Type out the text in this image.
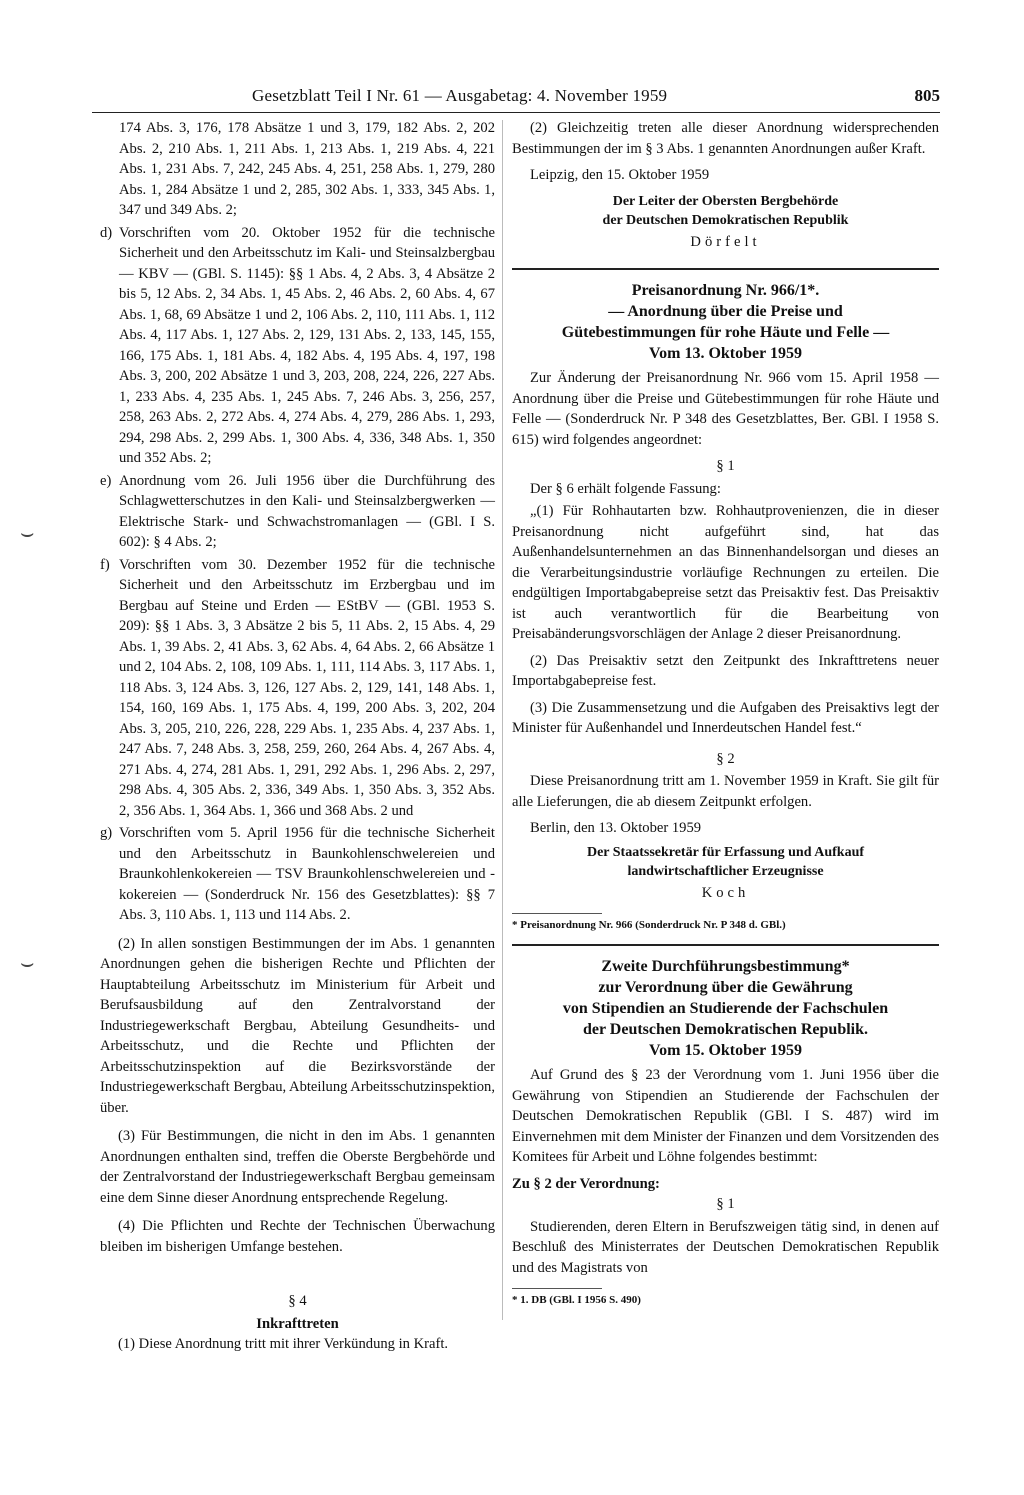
Gesetzblatt Teil I Nr. 61 — Ausgabetag: 4. November 1959	805
174 Abs. 3, 176, 178 Absätze 1 und 3, 179, 182 Abs. 2, 202 Abs. 2, 210 Abs. 1, 211 Abs. 1, 213 Abs. 1, 219 Abs. 4, 221 Abs. 1, 231 Abs. 7, 242, 245 Abs. 4, 251, 258 Abs. 1, 279, 280 Abs. 1, 284 Absätze 1 und 2, 285, 302 Abs. 1, 333, 345 Abs. 1, 347 und 349 Abs. 2;
d) Vorschriften vom 20. Oktober 1952 für die technische Sicherheit und den Arbeitsschutz im Kali- und Steinsalzbergbau — KBV — (GBl. S. 1145): §§ 1 Abs. 4, 2 Abs. 3, 4 Absätze 2 bis 5, 12 Abs. 2, 34 Abs. 1, 45 Abs. 2, 46 Abs. 2, 60 Abs. 4, 67 Abs. 1, 68, 69 Absätze 1 und 2, 106 Abs. 2, 110, 111 Abs. 1, 112 Abs. 4, 117 Abs. 1, 127 Abs. 2, 129, 131 Abs. 2, 133, 145, 155, 166, 175 Abs. 1, 181 Abs. 4, 182 Abs. 4, 195 Abs. 4, 197, 198 Abs. 3, 200, 202 Absätze 1 und 3, 203, 208, 224, 226, 227 Abs. 1, 233 Abs. 4, 235 Abs. 1, 245 Abs. 7, 246 Abs. 3, 256, 257, 258, 263 Abs. 2, 272 Abs. 4, 274 Abs. 4, 279, 286 Abs. 1, 293, 294, 298 Abs. 2, 299 Abs. 1, 300 Abs. 4, 336, 348 Abs. 1, 350 und 352 Abs. 2;
e) Anordnung vom 26. Juli 1956 über die Durchführung des Schlagwetterschutzes in den Kali- und Steinsalzbergwerken — Elektrische Stark- und Schwachstromanlagen — (GBl. I S. 602): § 4 Abs. 2;
f) Vorschriften vom 30. Dezember 1952 für die technische Sicherheit und den Arbeitsschutz im Erzbergbau und im Bergbau auf Steine und Erden — EStBV — (GBl. 1953 S. 209): §§ 1 Abs. 3, 3 Absätze 2 bis 5, 11 Abs. 2, 15 Abs. 4, 29 Abs. 1, 39 Abs. 2, 41 Abs. 3, 62 Abs. 4, 64 Abs. 2, 66 Absätze 1 und 2, 104 Abs. 2, 108, 109 Abs. 1, 111, 114 Abs. 3, 117 Abs. 1, 118 Abs. 3, 124 Abs. 3, 126, 127 Abs. 2, 129, 141, 148 Abs. 1, 154, 160, 169 Abs. 1, 175 Abs. 4, 199, 200 Abs. 3, 202, 204 Abs. 3, 205, 210, 226, 228, 229 Abs. 1, 235 Abs. 4, 237 Abs. 1, 247 Abs. 7, 248 Abs. 3, 258, 259, 260, 264 Abs. 4, 267 Abs. 4, 271 Abs. 4, 274, 281 Abs. 1, 291, 292 Abs. 1, 296 Abs. 2, 297, 298 Abs. 4, 305 Abs. 2, 336, 349 Abs. 1, 350 Abs. 3, 352 Abs. 2, 356 Abs. 1, 364 Abs. 1, 366 und 368 Abs. 2 und
g) Vorschriften vom 5. April 1956 für die technische Sicherheit und den Arbeitsschutz in Baunkohlenschwelereien und Braunkohlenkokereien — TSV Braunkohlenschwelereien und -kokereien — (Sonderdruck Nr. 156 des Gesetzblattes): §§ 7 Abs. 3, 110 Abs. 1, 113 und 114 Abs. 2.

(2) In allen sonstigen Bestimmungen der im Abs. 1 genannten Anordnungen gehen die bisherigen Rechte und Pflichten der Hauptabteilung Arbeitsschutz im Ministerium für Arbeit und Berufsausbildung auf den Zentralvorstand der Industriegewerkschaft Bergbau, Abteilung Gesundheits- und Arbeitsschutz, und die Rechte und Pflichten der Arbeitsschutzinspektion auf die Bezirksvorstände der Industriegewerkschaft Bergbau, Abteilung Arbeitsschutzinspektion, über.

(3) Für Bestimmungen, die nicht in den im Abs. 1 genannten Anordnungen enthalten sind, treffen die Oberste Bergbehörde und der Zentralvorstand der Industriegewerkschaft Bergbau gemeinsam eine dem Sinne dieser Anordnung entsprechende Regelung.

(4) Die Pflichten und Rechte der Technischen Überwachung bleiben im bisherigen Umfange bestehen.

§ 4
Inkrafttreten

(1) Diese Anordnung tritt mit ihrer Verkündung in Kraft.

(2) Gleichzeitig treten alle dieser Anordnung widersprechenden Bestimmungen der im § 3 Abs. 1 genannten Anordnungen außer Kraft.

Leipzig, den 15. Oktober 1959

Der Leiter der Obersten Bergbehörde
der Deutschen Demokratischen Republik
Dörfelt
Preisanordnung Nr. 966/1*.
— Anordnung über die Preise und
Gütebestimmungen für rohe Häute und Felle —
Vom 13. Oktober 1959

Zur Änderung der Preisanordnung Nr. 966 vom 15. April 1958 — Anordnung über die Preise und Gütebestimmungen für rohe Häute und Felle — (Sonderdruck Nr. P 348 des Gesetzblattes, Ber. GBl. I 1958 S. 615) wird folgendes angeordnet:

§ 1

Der § 6 erhält folgende Fassung:

„(1) Für Rohhautarten bzw. Rohhautprovenienzen, die in dieser Preisanordnung nicht aufgeführt sind, hat das Außenhandelsunternehmen an das Binnenhandelsorgan und dieses an die Verarbeitungsindustrie vorläufige Rechnungen zu erteilen. Die endgültigen Importabgabepreise setzt das Preisaktiv fest. Das Preisaktiv ist auch verantwortlich für die Bearbeitung von Preisabänderungsvorschlägen der Anlage 2 dieser Preisanordnung.

(2) Das Preisaktiv setzt den Zeitpunkt des Inkrafttretens neuer Importabgabepreise fest.

(3) Die Zusammensetzung und die Aufgaben des Preisaktivs legt der Minister für Außenhandel und Innerdeutschen Handel fest.“

§ 2

Diese Preisanordnung tritt am 1. November 1959 in Kraft. Sie gilt für alle Lieferungen, die ab diesem Zeitpunkt erfolgen.

Berlin, den 13. Oktober 1959

Der Staatssekretär für Erfassung und Aufkauf
landwirtschaftlicher Erzeugnisse
Koch
* Preisanordnung Nr. 966 (Sonderdruck Nr. P 348 d. GBl.)
Zweite Durchführungsbestimmung*
zur Verordnung über die Gewährung
von Stipendien an Studierende der Fachschulen
der Deutschen Demokratischen Republik.
Vom 15. Oktober 1959

Auf Grund des § 23 der Verordnung vom 1. Juni 1956 über die Gewährung von Stipendien an Studierende der Fachschulen der Deutschen Demokratischen Republik (GBl. I S. 487) wird im Einvernehmen mit dem Minister der Finanzen und dem Vorsitzenden des Komitees für Arbeit und Löhne folgendes bestimmt:

Zu § 2 der Verordnung:
§ 1

Studierenden, deren Eltern in Berufszweigen tätig sind, in denen auf Beschluß des Ministerrates der Deutschen Demokratischen Republik und des Magistrats von

* 1. DB (GBl. I 1956 S. 490)
⌣
⌣
